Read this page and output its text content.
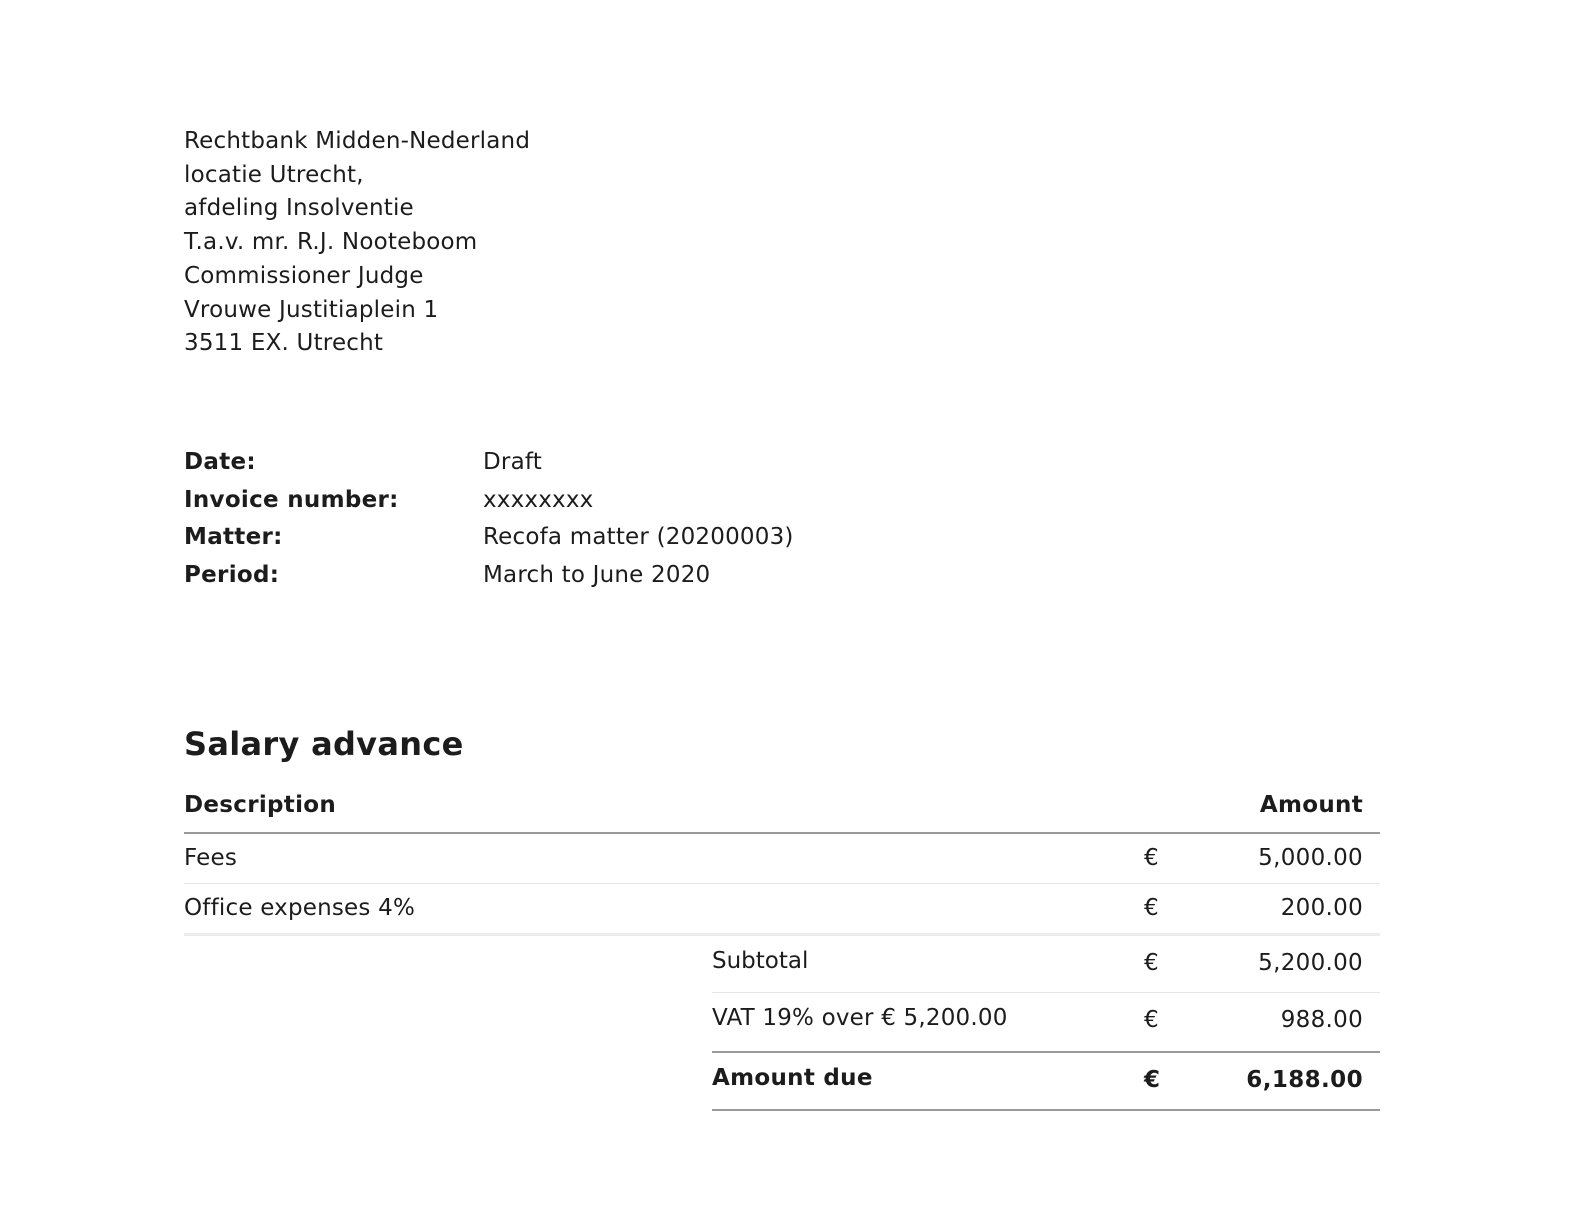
Rechtbank Midden-Nederland
locatie Utrecht,
afdeling Insolventie
T.a.v. mr. R.J. Nooteboom
Commissioner Judge
Vrouwe Justitiaplein 1
3511 EX. Utrecht
Date:	Draft
Invoice number:	xxxxxxxx
Matter:	Recofa matter (20200003)
Period:	March to June 2020
Salary advance
Description	Amount
Fees	€	5,000.00
Office expenses 4%	€	200.00
Subtotal	€	5,200.00
VAT 19% over € 5,200.00	€	988.00
Amount due	€	6,188.00
